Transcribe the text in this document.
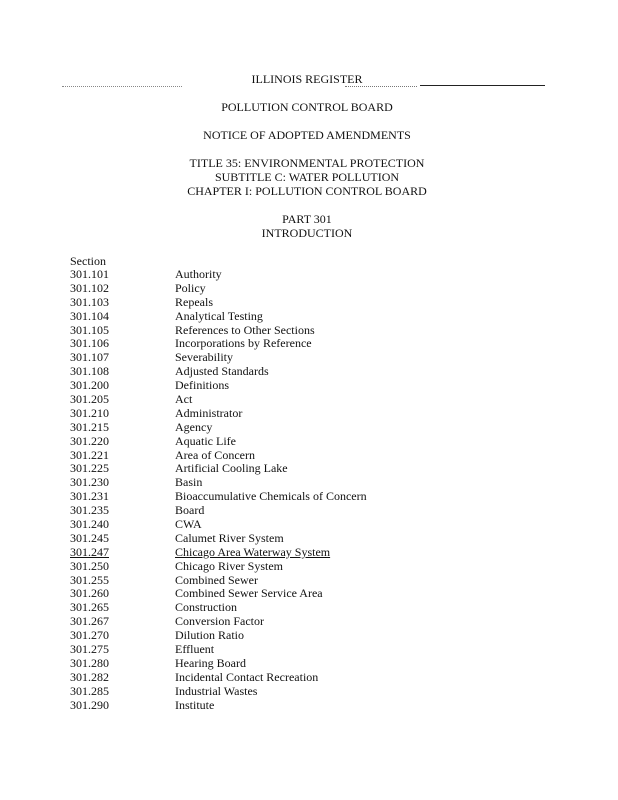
ILLINOIS REGISTER
POLLUTION CONTROL BOARD
NOTICE OF ADOPTED AMENDMENTS
TITLE 35: ENVIRONMENTAL PROTECTION
SUBTITLE C: WATER POLLUTION
CHAPTER I: POLLUTION CONTROL BOARD
PART 301
INTRODUCTION
Section
301.101	Authority
301.102	Policy
301.103	Repeals
301.104	Analytical Testing
301.105	References to Other Sections
301.106	Incorporations by Reference
301.107	Severability
301.108	Adjusted Standards
301.200	Definitions
301.205	Act
301.210	Administrator
301.215	Agency
301.220	Aquatic Life
301.221	Area of Concern
301.225	Artificial Cooling Lake
301.230	Basin
301.231	Bioaccumulative Chemicals of Concern
301.235	Board
301.240	CWA
301.245	Calumet River System
301.247	Chicago Area Waterway System
301.250	Chicago River System
301.255	Combined Sewer
301.260	Combined Sewer Service Area
301.265	Construction
301.267	Conversion Factor
301.270	Dilution Ratio
301.275	Effluent
301.280	Hearing Board
301.282	Incidental Contact Recreation
301.285	Industrial Wastes
301.290	Institute
